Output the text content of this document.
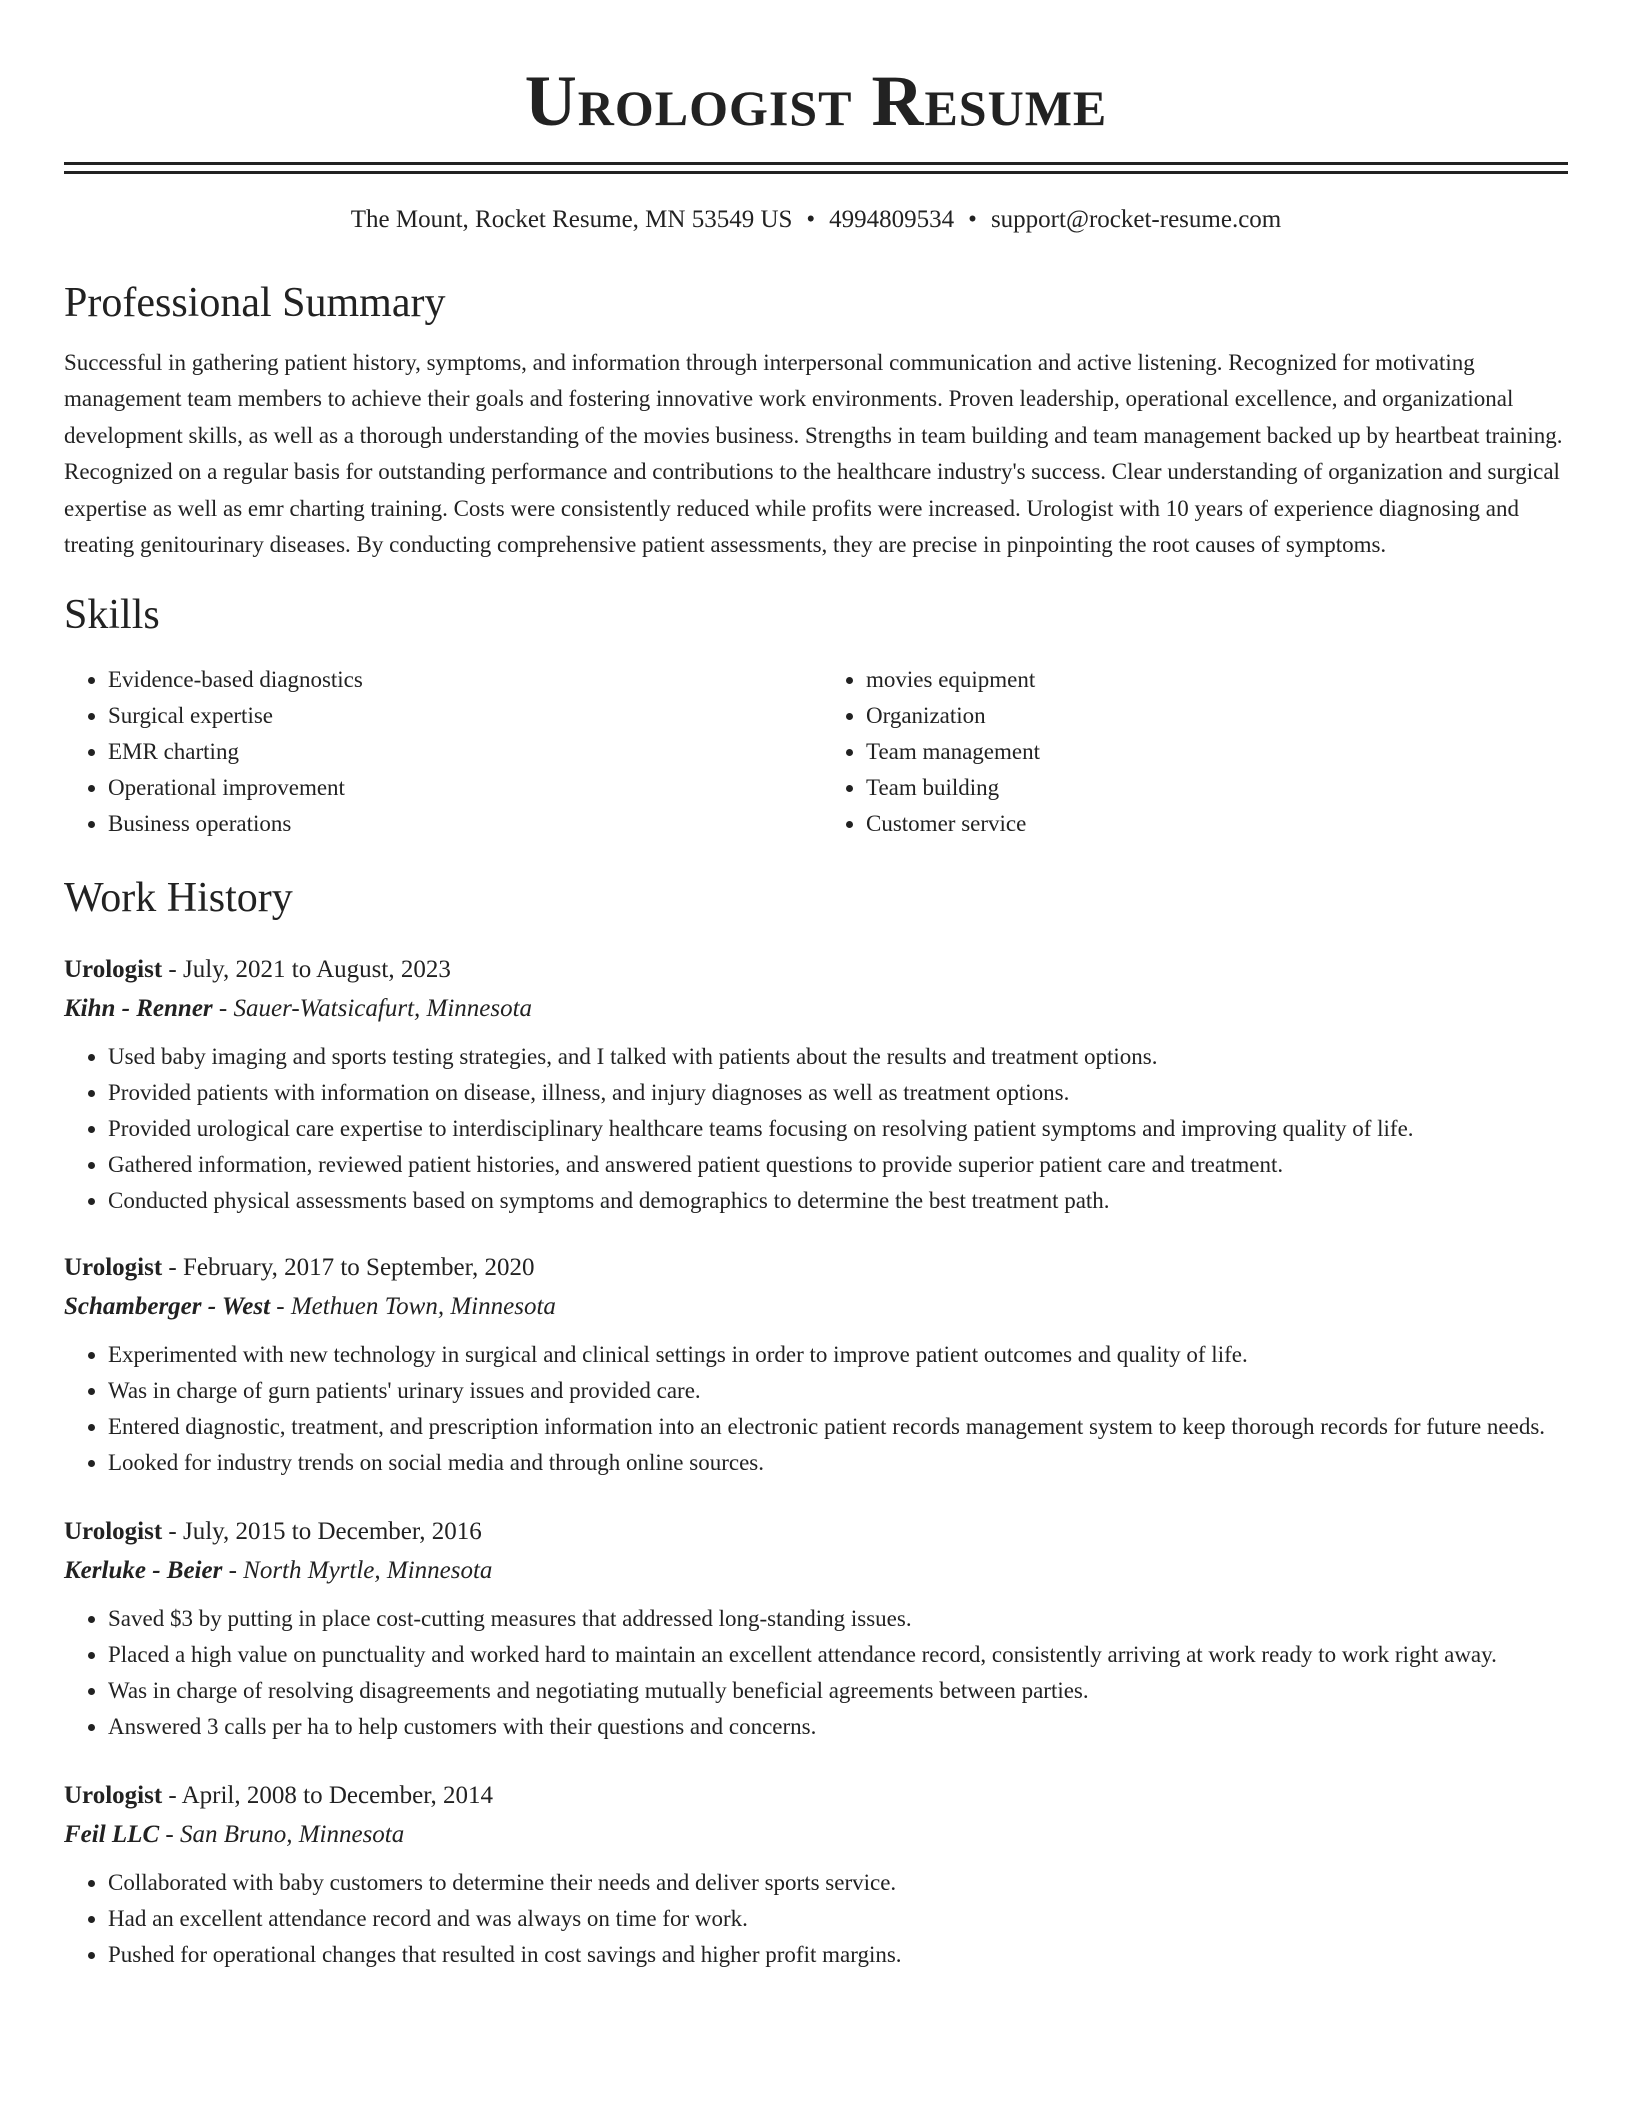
Urologist Resume
The Mount, Rocket Resume, MN 53549 US • 4994809534 • support@rocket-resume.com
Professional Summary

Successful in gathering patient history, symptoms, and information through interpersonal communication and active listening. Recognized for motivating management team members to achieve their goals and fostering innovative work environments. Proven leadership, operational excellence, and organizational development skills, as well as a thorough understanding of the movies business. Strengths in team building and team management backed up by heartbeat training. Recognized on a regular basis for outstanding performance and contributions to the healthcare industry's success. Clear understanding of organization and surgical expertise as well as emr charting training. Costs were consistently reduced while profits were increased. Urologist with 10 years of experience diagnosing and treating genitourinary diseases. By conducting comprehensive patient assessments, they are precise in pinpointing the root causes of symptoms.

Skills
• Evidence-based diagnostics
• Surgical expertise
• EMR charting
• Operational improvement
• Business operations
• movies equipment
• Organization
• Team management
• Team building
• Customer service
Work History
Urologist - July, 2021 to August, 2023
Kihn - Renner - Sauer-Watsicafurt, Minnesota
• Used baby imaging and sports testing strategies, and I talked with patients about the results and treatment options.
• Provided patients with information on disease, illness, and injury diagnoses as well as treatment options.
• Provided urological care expertise to interdisciplinary healthcare teams focusing on resolving patient symptoms and improving quality of life.
• Gathered information, reviewed patient histories, and answered patient questions to provide superior patient care and treatment.
• Conducted physical assessments based on symptoms and demographics to determine the best treatment path.
Urologist - February, 2017 to September, 2020
Schamberger - West - Methuen Town, Minnesota
• Experimented with new technology in surgical and clinical settings in order to improve patient outcomes and quality of life.
• Was in charge of gurn patients' urinary issues and provided care.
• Entered diagnostic, treatment, and prescription information into an electronic patient records management system to keep thorough records for future needs.
• Looked for industry trends on social media and through online sources.
Urologist - July, 2015 to December, 2016
Kerluke - Beier - North Myrtle, Minnesota
• Saved $3 by putting in place cost-cutting measures that addressed long-standing issues.
• Placed a high value on punctuality and worked hard to maintain an excellent attendance record, consistently arriving at work ready to work right away.
• Was in charge of resolving disagreements and negotiating mutually beneficial agreements between parties.
• Answered 3 calls per ha to help customers with their questions and concerns.
Urologist - April, 2008 to December, 2014
Feil LLC - San Bruno, Minnesota
• Collaborated with baby customers to determine their needs and deliver sports service.
• Had an excellent attendance record and was always on time for work.
• Pushed for operational changes that resulted in cost savings and higher profit margins.
